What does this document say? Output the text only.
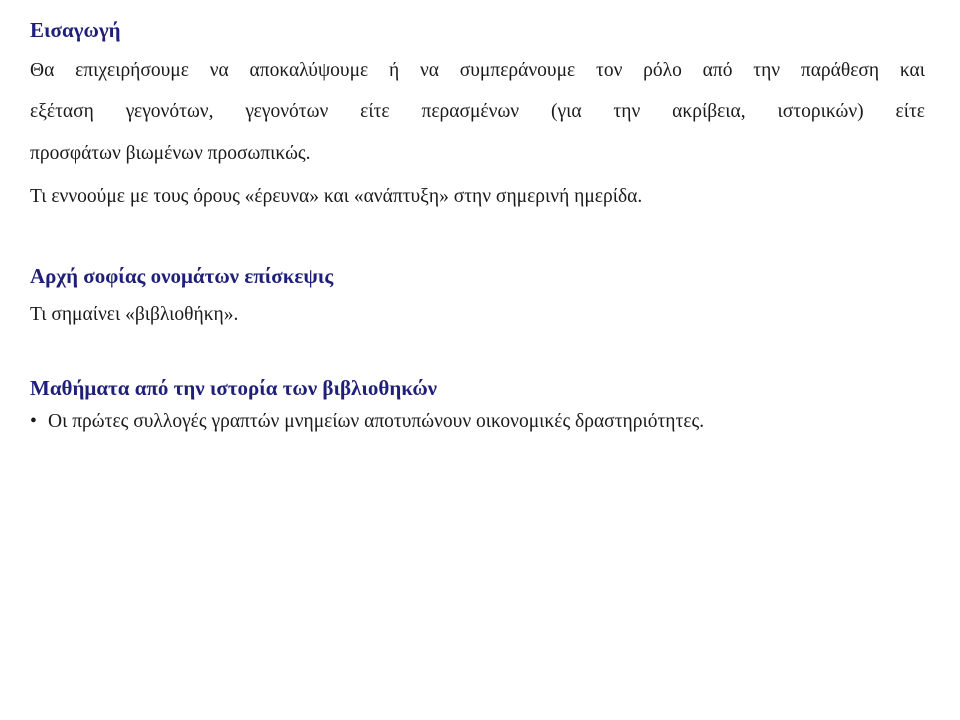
Εισαγωγή
Θα επιχειρήσουμε να αποκαλύψουμε ή να συμπεράνουμε τον ρόλο από την παράθεση και
εξέταση γεγονότων, γεγονότων είτε περασμένων (για την ακρίβεια, ιστορικών) είτε
προσφάτων βιωμένων προσωπικώς.
Τι εννοούμε με τους όρους «έρευνα» και «ανάπτυξη» στην σημερινή ημερίδα.
Αρχή σοφίας ονομάτων επίσκεψις
Τι σημαίνει «βιβλιοθήκη».
Μαθήματα από την ιστορία των βιβλιοθηκών
• Οι πρώτες συλλογές γραπτών μνημείων αποτυπώνουν οικονομικές δραστηριότητες.
